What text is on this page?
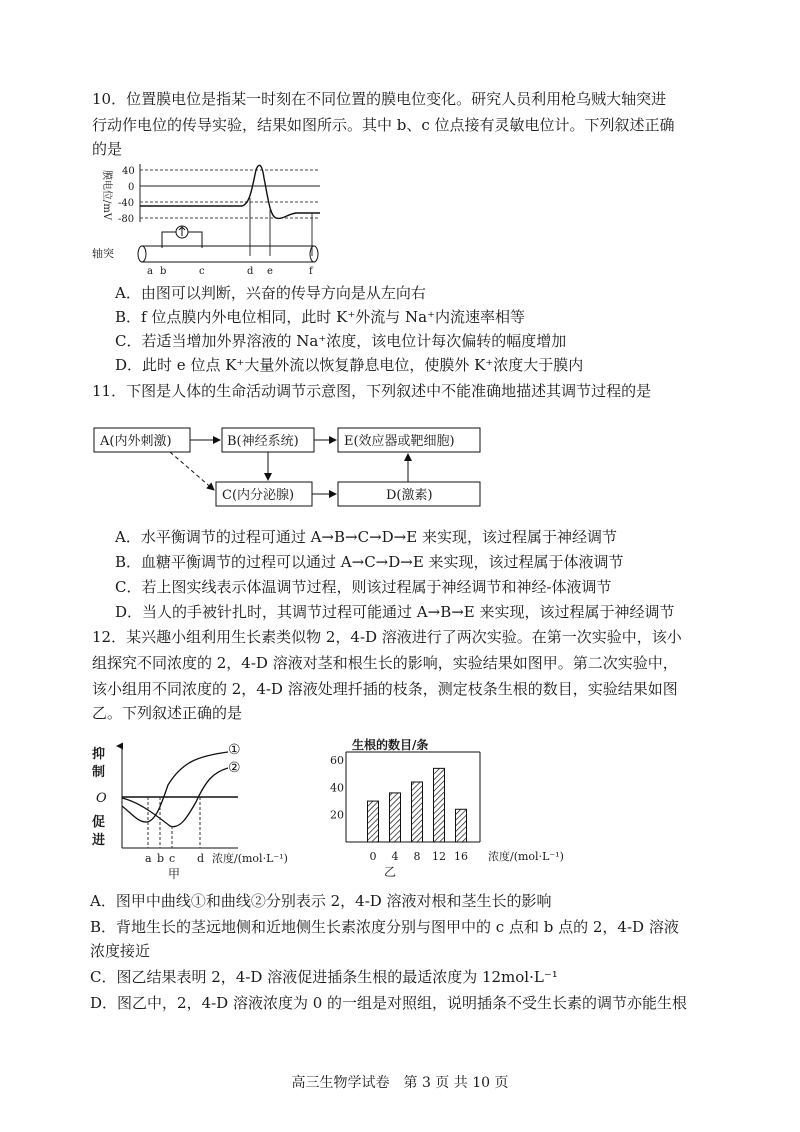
10．位置膜电位是指某一时刻在不同位置的膜电位变化。研究人员利用枪乌贼大轴突进
行动作电位的传导实验，结果如图所示。其中 b、c 位点接有灵敏电位计。下列叙述正确
的是
膜电位/mV 40
0
-40
-80
轴突
a b	c	d e	f
A．由图可以判断，兴奋的传导方向是从左向右
B．f 位点膜内外电位相同，此时 K⁺外流与 Na⁺内流速率相等
C．若适当增加外界溶液的 Na⁺浓度，该电位计每次偏转的幅度增加
D．此时 e 位点 K⁺大量外流以恢复静息电位，使膜外 K⁺浓度大于膜内
11．下图是人体的生命活动调节示意图，下列叙述中不能准确地描述其调节过程的是
A(内外刺激)	B(神经系统)	E(效应器或靶细胞)
C(内分泌腺)	D(激素)
A．水平衡调节的过程可通过 A→B→C→D→E 来实现，该过程属于神经调节
B．血糖平衡调节的过程可以通过 A→C→D→E 来实现，该过程属于体液调节
C．若上图实线表示体温调节过程，则该过程属于神经调节和神经-体液调节
D．当人的手被针扎时，其调节过程可能通过 A→B→E 来实现，该过程属于神经调节
12．某兴趣小组利用生长素类似物 2，4-D 溶液进行了两次实验。在第一次实验中，该小
组探究不同浓度的 2，4-D 溶液对茎和根生长的影响，实验结果如图甲。第二次实验中，
该小组用不同浓度的 2，4-D 溶液处理扦插的枝条，测定枝条生根的数目，实验结果如图
乙。下列叙述正确的是
抑
制
O
促
进
①
②
a b c d 浓度/(mol·L⁻¹)
甲
生根的数目/条
20
40
60
0 4 8 12 16 浓度/(mol·L⁻¹)
乙
A．图甲中曲线①和曲线②分别表示 2，4-D 溶液对根和茎生长的影响
B．背地生长的茎远地侧和近地侧生长素浓度分别与图甲中的 c 点和 b 点的 2，4-D 溶液
浓度接近
C．图乙结果表明 2，4-D 溶液促进插条生根的最适浓度为 12mol·L⁻¹
D．图乙中，2，4-D 溶液浓度为 0 的一组是对照组，说明插条不受生长素的调节亦能生根
高三生物学试卷　第 3 页 共 10 页
